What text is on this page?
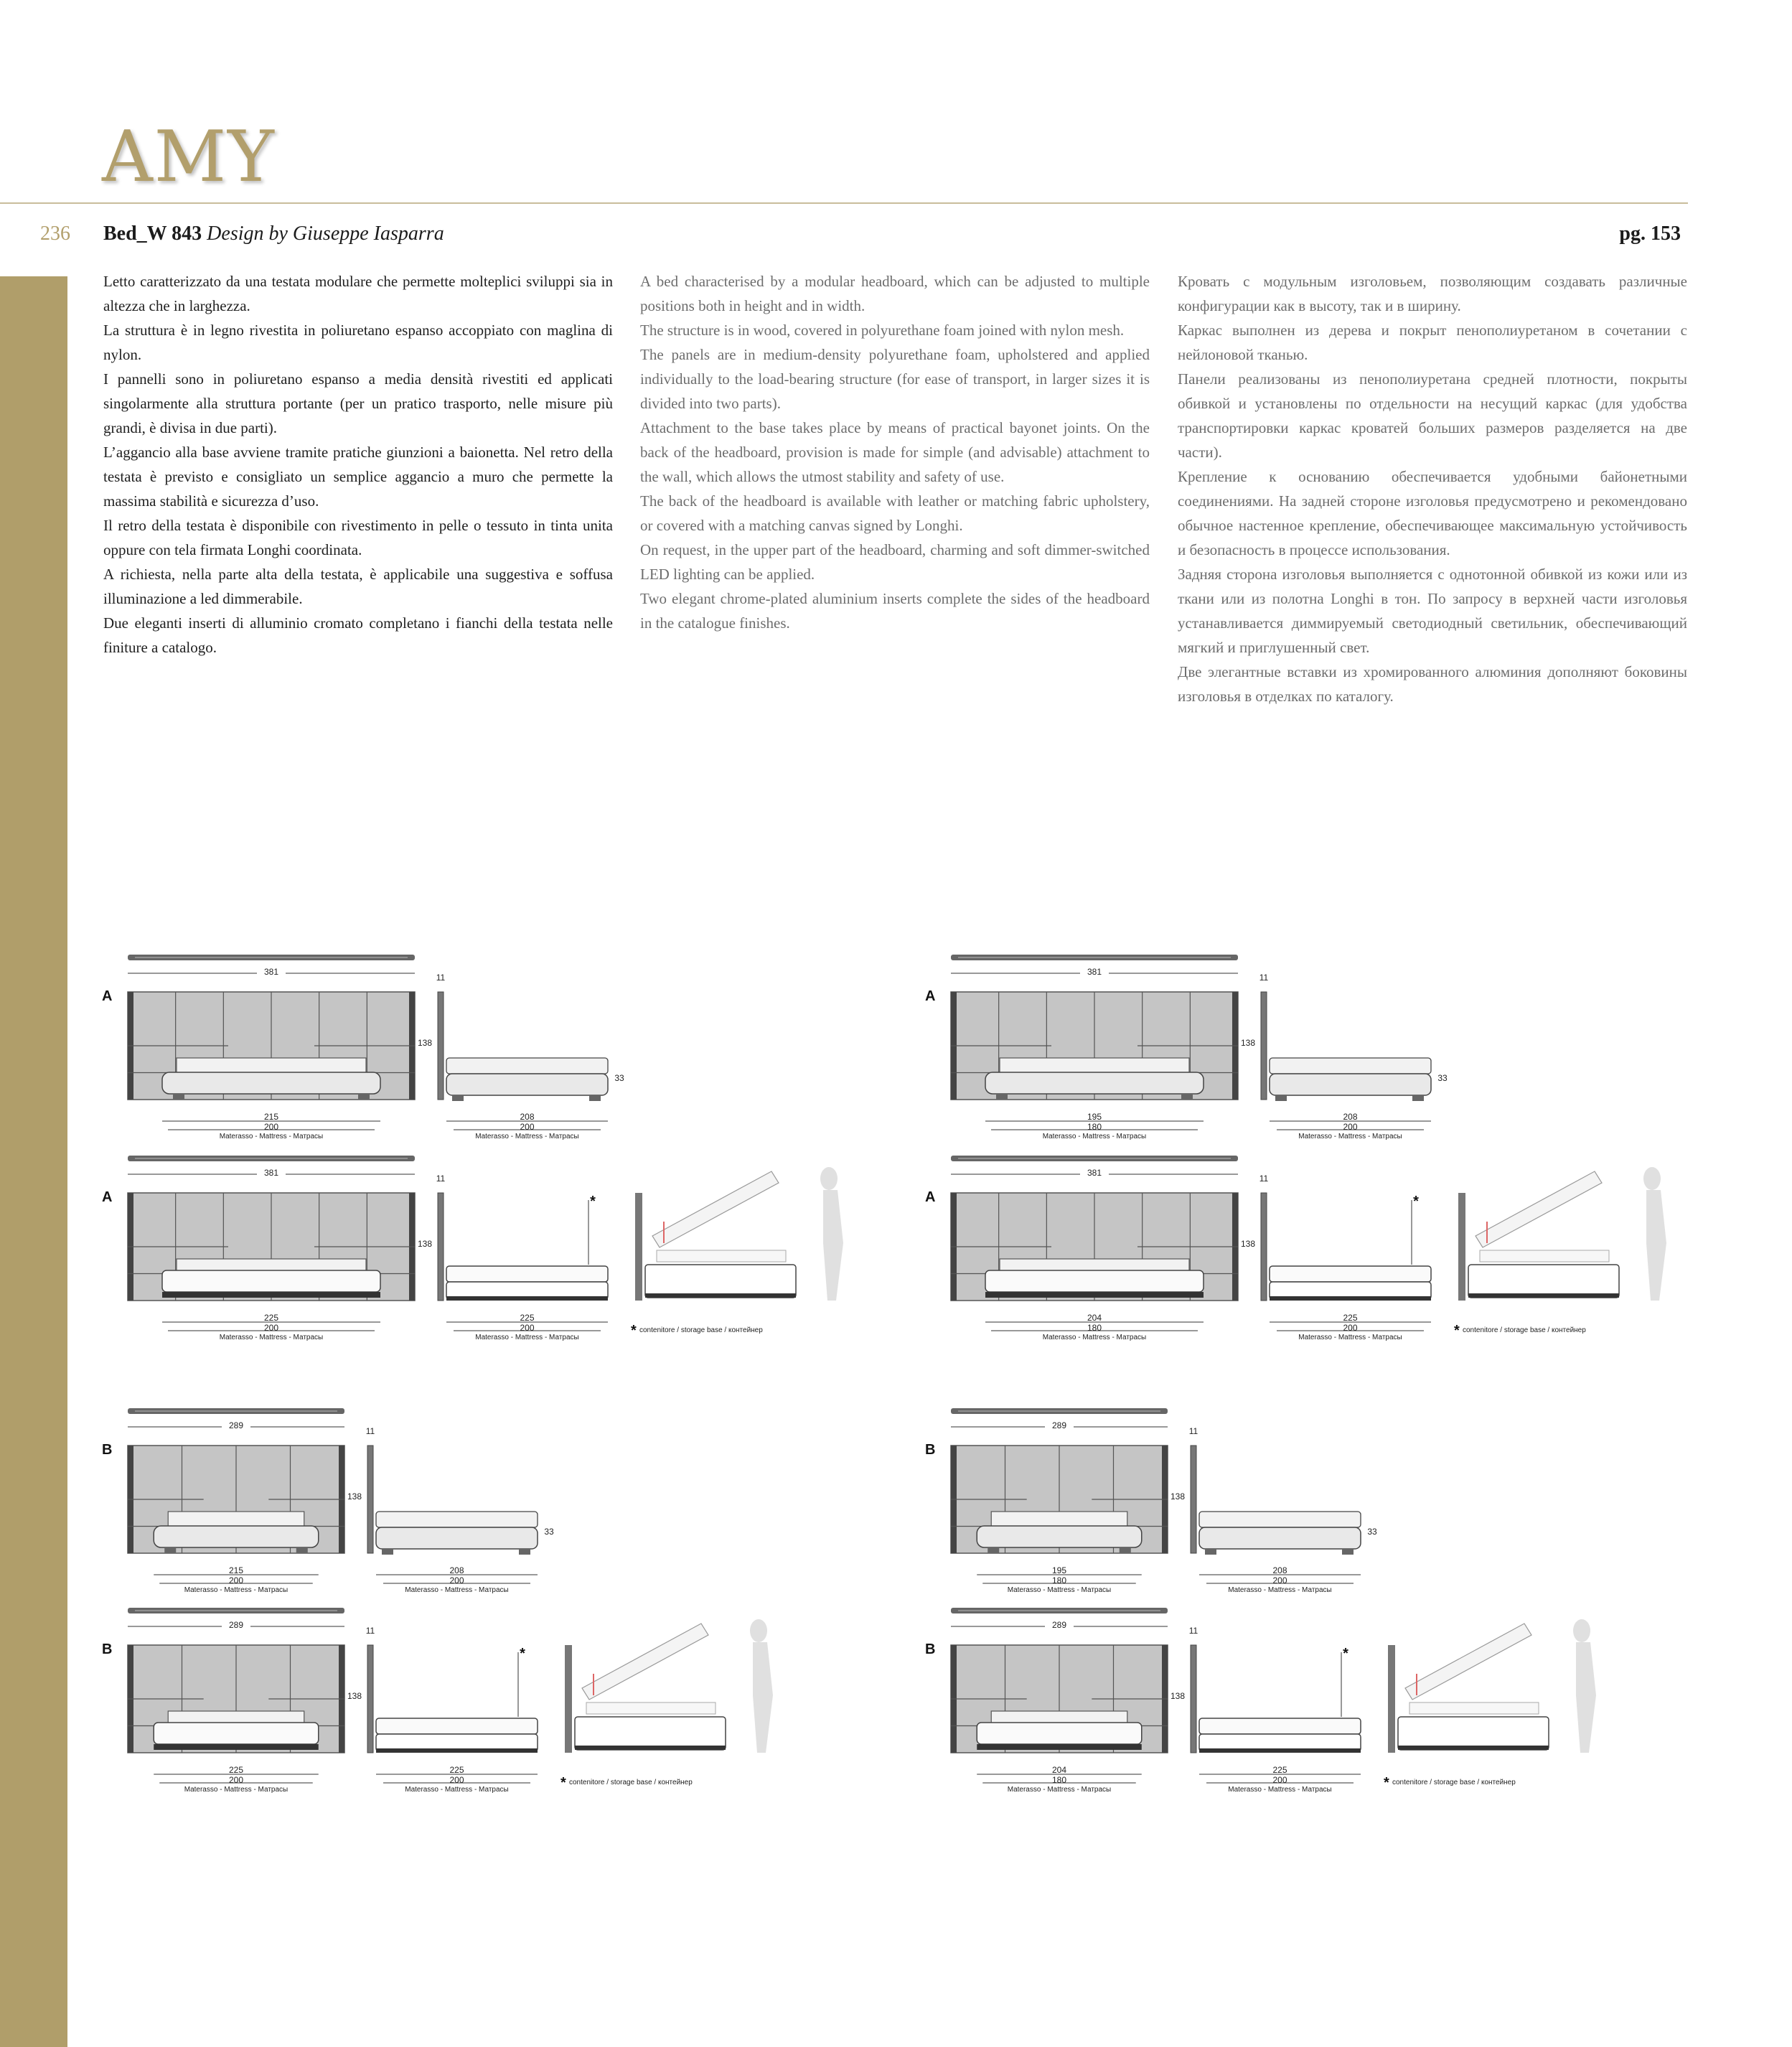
AMY
236 Bed_W 843 Design by Giuseppe Iasparra	pg. 153

Letto caratterizzato da una testata modulare che permette molteplici sviluppi sia in altezza che in larghezza.

La struttura è in legno rivestita in poliuretano espanso accoppiato con maglina di nylon.

I pannelli sono in poliuretano espanso a media densità rivestiti ed applicati singolarmente alla struttura portante (per un pratico trasporto, nelle misure più grandi, è divisa in due parti).

L’aggancio alla base avviene tramite pratiche giunzioni a baionetta. Nel retro della testata è previsto e consigliato un semplice aggancio a muro che permette la massima stabilità e sicurezza d’uso.

Il retro della testata è disponibile con rivestimento in pelle o tessuto in tinta unita oppure con tela firmata Longhi coordinata.

A richiesta, nella parte alta della testata, è applicabile una suggestiva e soffusa illuminazione a led dimmerabile.

Due eleganti inserti di alluminio cromato completano i fianchi della testata nelle finiture a catalogo.

A bed characterised by a modular headboard, which can be adjusted to multiple positions both in height and in width.

The structure is in wood, covered in polyurethane foam joined with nylon mesh.

The panels are in medium-density polyurethane foam, upholstered and applied individually to the load-bearing structure (for ease of transport, in larger sizes it is divided into two parts).

Attachment to the base takes place by means of practical bayonet joints. On the back of the headboard, provision is made for simple (and advisable) attachment to the wall, which allows the utmost stability and safety of use.

The back of the headboard is available with leather or matching fabric upholstery, or covered with a matching canvas signed by Longhi.

On request, in the upper part of the headboard, charming and soft dimmer-switched LED lighting can be applied.

Two elegant chrome-plated aluminium inserts complete the sides of the headboard in the catalogue finishes.

Кровать с модульным изголовьем, позволяющим создавать различные конфигурации как в высоту, так и в ширину.

Каркас выполнен из дерева и покрыт пенополиуретаном в сочетании с нейлоновой тканью.

Панели реализованы из пенополиуретана средней плотности, покрыты обивкой и установлены по отдельности на несущий каркас (для удобства транспортировки каркас кроватей больших размеров разделяется на две части).

Крепление к основанию обеспечивается удобными байонетными соединениями. На задней стороне изголовья предусмотрено и рекомендовано обычное настенное крепление, обеспечивающее максимальную устойчивость и безопасность в процессе использования.

Задняя сторона изголовья выполняется с однотонной обивкой из кожи или из ткани или из полотна Longhi в тон. По запросу в верхней части изголовья устанавливается диммируемый светодиодный светильник, обеспечивающий мягкий и приглушенный свет.

Две элегантные вставки из хромированного алюминия дополняют боковины изголовья в отделках по каталогу.

381
A
215
200
Materasso - Mattress - Матрасы
11
138
33
208
200
Materasso - Mattress - Матрасы
381
A
195
180
Materasso - Mattress - Матрасы
11
138
33
208
200
Materasso - Mattress - Матрасы
381
A
225
200
Materasso - Mattress - Матрасы
11
138
*
225
200
Materasso - Mattress - Матрасы	* contenitore / storage base / контейнер
381
A
204
180
Materasso - Mattress - Матрасы
11
138
*
225
200
Materasso - Mattress - Матрасы	* contenitore / storage base / контейнер
289
B
215
200
Materasso - Mattress - Матрасы
11
138
33
208
200
Materasso - Mattress - Матрасы
289
B
195
180
Materasso - Mattress - Матрасы
11
138
33
208
200
Materasso - Mattress - Матрасы
289
B
225
200
Materasso - Mattress - Матрасы
11
138
*
225
200
Materasso - Mattress - Матрасы	* contenitore / storage base / контейнер
289
B
204
180
Materasso - Mattress - Матрасы
11
138
*
225
200
Materasso - Mattress - Матрасы	* contenitore / storage base / контейнер
